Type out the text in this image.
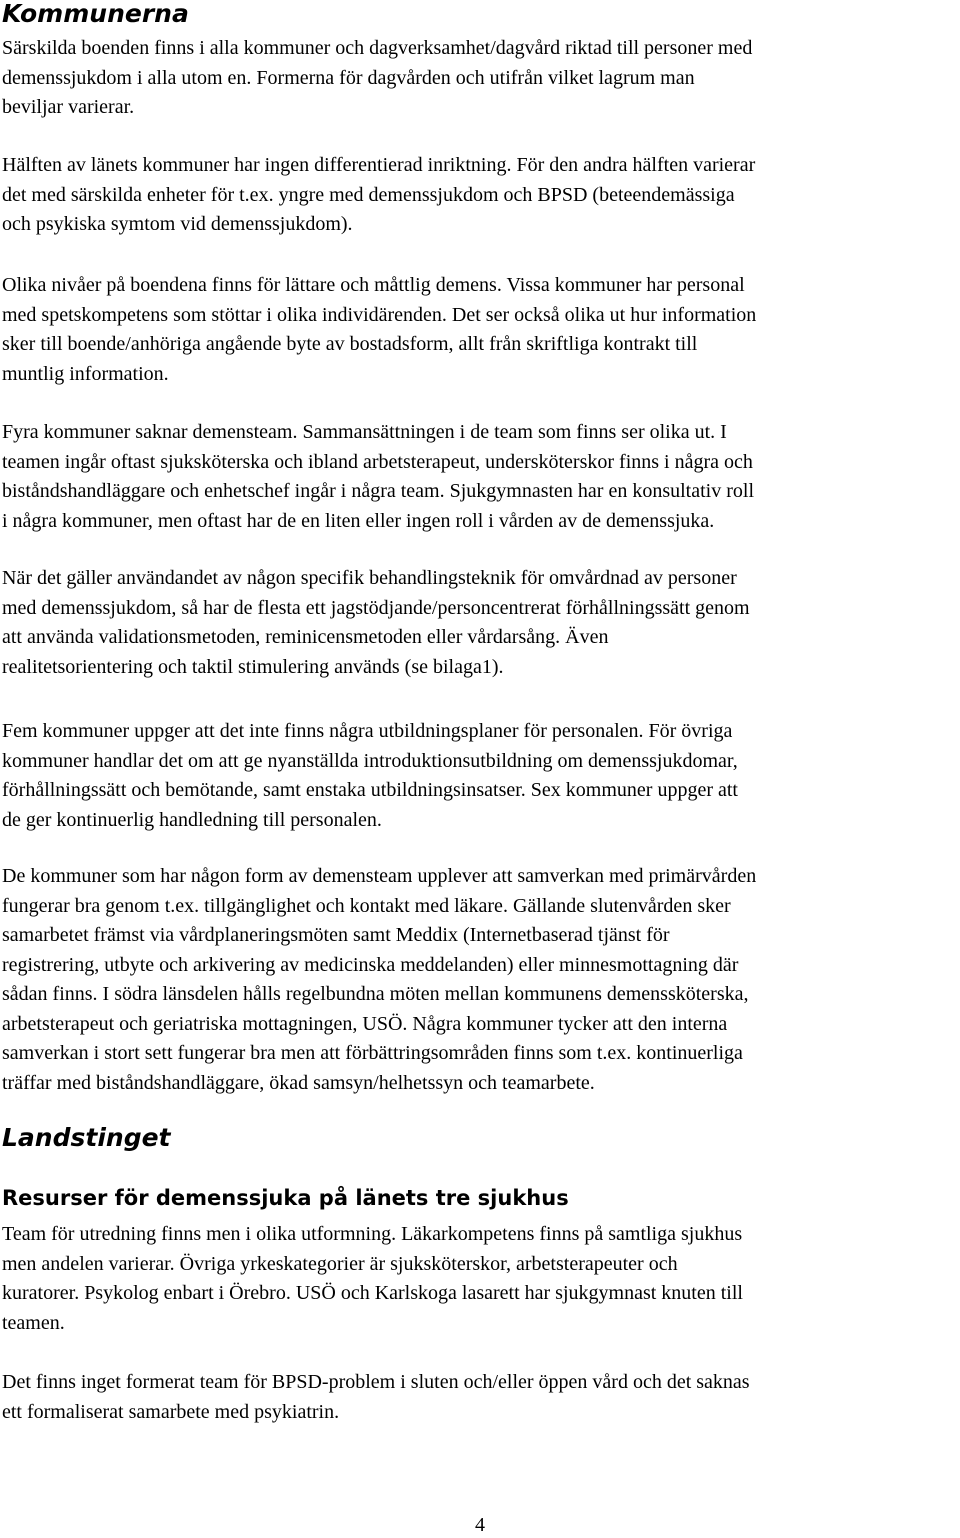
Kommunerna

Särskilda boenden finns i alla kommuner och dagverksamhet/dagvård riktad till personer med
demenssjukdom i alla utom en. Formerna för dagvården och utifrån vilket lagrum man
beviljar varierar.

Hälften av länets kommuner har ingen differentierad inriktning. För den andra hälften varierar
det med särskilda enheter för t.ex. yngre med demenssjukdom och BPSD (beteendemässiga
och psykiska symtom vid demenssjukdom).

Olika nivåer på boendena finns för lättare och måttlig demens. Vissa kommuner har personal
med spetskompetens som stöttar i olika individärenden. Det ser också olika ut hur information
sker till boende/anhöriga angående byte av bostadsform, allt från skriftliga kontrakt till
muntlig information.

Fyra kommuner saknar demensteam. Sammansättningen i de team som finns ser olika ut. I
teamen ingår oftast sjuksköterska och ibland arbetsterapeut, undersköterskor finns i några och
biståndshandläggare och enhetschef ingår i några team. Sjukgymnasten har en konsultativ roll
i några kommuner, men oftast har de en liten eller ingen roll i vården av de demenssjuka.

När det gäller användandet av någon specifik behandlingsteknik för omvårdnad av personer
med demenssjukdom, så har de flesta ett jagstödjande/personcentrerat förhållningssätt genom
att använda validationsmetoden, reminicensmetoden eller vårdarsång. Även
realitetsorientering och taktil stimulering används (se bilaga1).

Fem kommuner uppger att det inte finns några utbildningsplaner för personalen. För övriga
kommuner handlar det om att ge nyanställda introduktionsutbildning om demenssjukdomar,
förhållningssätt och bemötande, samt enstaka utbildningsinsatser. Sex kommuner uppger att
de ger kontinuerlig handledning till personalen.

De kommuner som har någon form av demensteam upplever att samverkan med primärvården
fungerar bra genom t.ex. tillgänglighet och kontakt med läkare. Gällande slutenvården sker
samarbetet främst via vårdplaneringsmöten samt Meddix (Internetbaserad tjänst för
registrering, utbyte och arkivering av medicinska meddelanden) eller minnesmottagning där
sådan finns. I södra länsdelen hålls regelbundna möten mellan kommunens demenssköterska,
arbetsterapeut och geriatriska mottagningen, USÖ. Några kommuner tycker att den interna
samverkan i stort sett fungerar bra men att förbättringsområden finns som t.ex. kontinuerliga
träffar med biståndshandläggare, ökad samsyn/helhetssyn och teamarbete.

Landstinget
Resurser för demenssjuka på länets tre sjukhus

Team för utredning finns men i olika utformning. Läkarkompetens finns på samtliga sjukhus
men andelen varierar. Övriga yrkeskategorier är sjuksköterskor, arbetsterapeuter och
kuratorer. Psykolog enbart i Örebro. USÖ och Karlskoga lasarett har sjukgymnast knuten till
teamen.

Det finns inget formerat team för BPSD-problem i sluten och/eller öppen vård och det saknas
ett formaliserat samarbete med psykiatrin.

4
